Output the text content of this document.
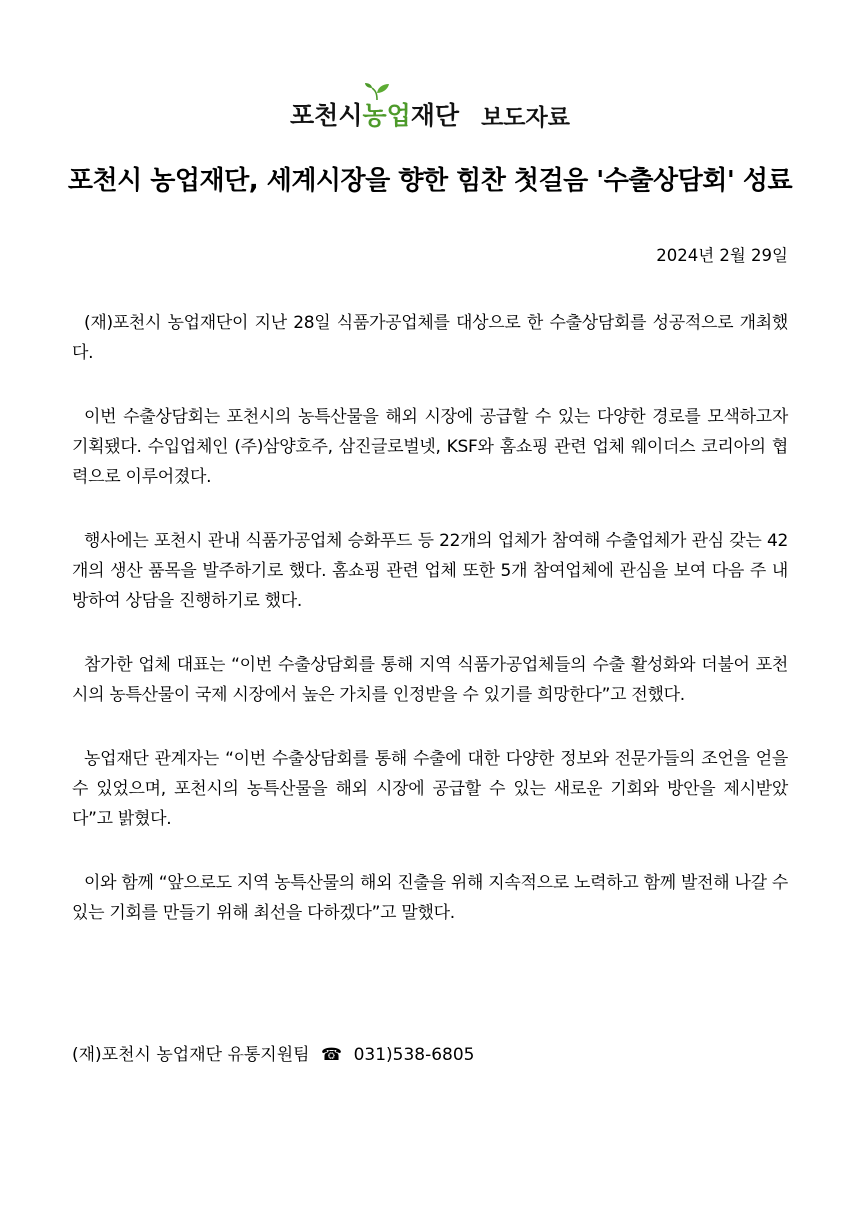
포천시농업재단 보도자료
포천시 농업재단, 세계시장을 향한 힘찬 첫걸음 '수출상담회' 성료
2024년 2월 29일

(재)포천시 농업재단이 지난 28일 식품가공업체를 대상으로 한 수출상담회를 성공적으로 개최했다.

이번 수출상담회는 포천시의 농특산물을 해외 시장에 공급할 수 있는 다양한 경로를 모색하고자 기획됐다. 수입업체인 (주)삼양호주, 삼진글로벌넷, KSF와 홈쇼핑 관련 업체 웨이더스 코리아의 협력으로 이루어졌다.

행사에는 포천시 관내 식품가공업체 승화푸드 등 22개의 업체가 참여해 수출업체가 관심 갖는 42개의 생산 품목을 발주하기로 했다. 홈쇼핑 관련 업체 또한 5개 참여업체에 관심을 보여 다음 주 내방하여 상담을 진행하기로 했다.

참가한 업체 대표는 “이번 수출상담회를 통해 지역 식품가공업체들의 수출 활성화와 더불어 포천시의 농특산물이 국제 시장에서 높은 가치를 인정받을 수 있기를 희망한다”고 전했다.

농업재단 관계자는 “이번 수출상담회를 통해 수출에 대한 다양한 정보와 전문가들의 조언을 얻을 수 있었으며, 포천시의 농특산물을 해외 시장에 공급할 수 있는 새로운 기회와 방안을 제시받았다”고 밝혔다.

이와 함께 “앞으로도 지역 농특산물의 해외 진출을 위해 지속적으로 노력하고 함께 발전해 나갈 수 있는 기회를 만들기 위해 최선을 다하겠다”고 말했다.

(재)포천시 농업재단 유통지원팀 ☎ 031)538-6805
